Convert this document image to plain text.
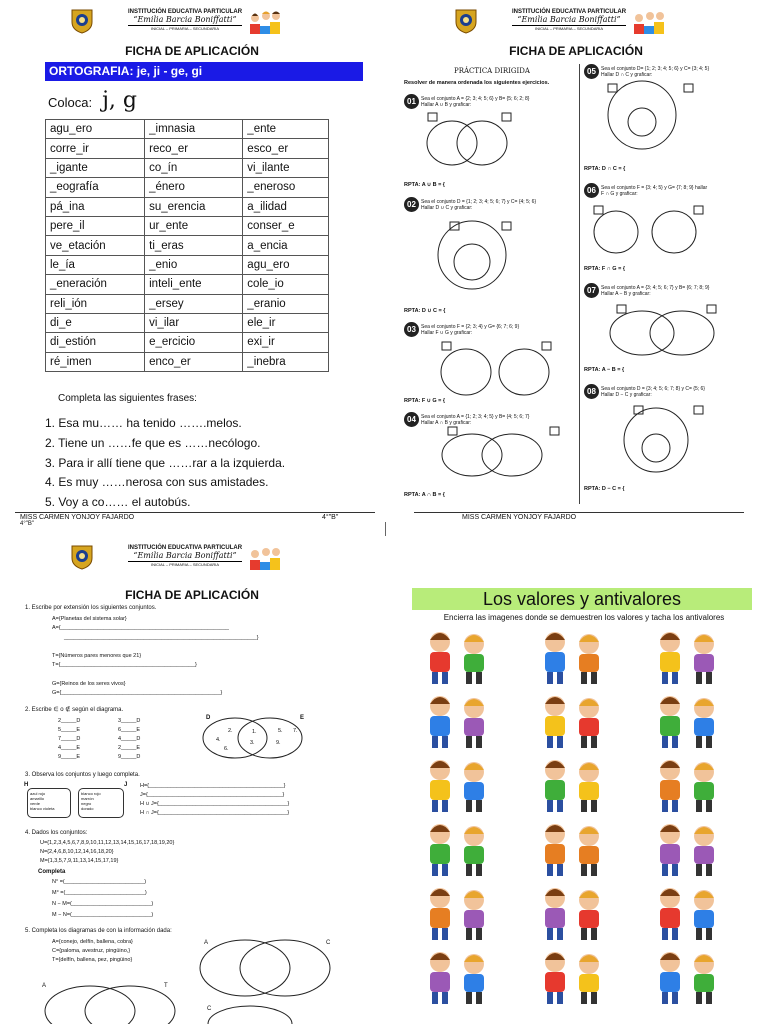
INSTITUCIÓN EDUCATIVA PARTICULAR
“Emilia Barcia Boniffatti”
INICIAL – PRIMARIA – SECUNDARIA
FICHA DE APLICACIÓN
ORTOGRAFIA: je, ji - ge, gi
Coloca: j, g
agu_ero	_imnasia	_ente
corre_ir	reco_er	esco_er
_igante	co_ín	vi_ilante
_eografía	_énero	_eneroso
pá_ina	su_erencia	a_ilidad
pere_il	ur_ente	conser_e
ve_etación	ti_eras	a_encia
le_ía	_enio	agu_ero
_eneración	inteli_ente	cole_io
reli_ión	_ersey	_eranio
di_e	vi_ilar	ele_ir
di_estión	e_ercicio	exi_ir
ré_imen	enco_er	_inebra
Completa las siguientes frases:
1. Esa mu…… ha tenido …….melos.
2. Tiene un ……fe que es ……necólogo.
3. Para ir allí tiene que ……rar a la izquierda.
4. Es muy ……nerosa con sus amistades.
5. Voy a co…… el autobús.
MISS CARMEN YONJOY FAJARDO	4°"B"
4°"B"
INSTITUCIÓN EDUCATIVA PARTICULAR
“Emilia Barcia Boniffatti”
INICIAL – PRIMARIA – SECUNDARIA
FICHA DE APLICACIÓN
PRÁCTICA DIRIGIDA
Resolver de manera ordenada los siguientes ejercicios.
01	Sea el conjunto A = {2; 3; 4; 5; 6} y B= {5; 6; 2; 8}
Hallar A ∪ B y graficar:
RPTA: A ∪ B = {
02	Sea el conjunto D = {1; 2; 3; 4; 5; 6; 7} y C= {4; 5; 6}
Hallar D ∪ C y graficar:
RPTA: D ∪ C = {
03	Sea el conjunto F = {2; 3; 4} y G= {6; 7; 6; 9}
Hallar F ∪ G y graficar:
RPTA: F ∪ G = {
04	Sea el conjunto A = {1; 2; 3; 4; 5} y B= {4; 5; 6; 7}
Hallar A ∩ B y graficar:
RPTA: A ∩ B = {
05	Sea el conjunto D= {1; 2; 3; 4; 5; 6} y C= {3; 4; 5}
Hallar D ∩ C y graficar:
RPTA: D ∩ C = {
06	Sea el conjunto F = {3; 4; 5} y G= {7; 8; 9} hallar
F ∩ G y graficar:
RPTA: F ∩ G = {
07	Sea el conjunto A = {3; 4; 5; 6; 7} y B= {6; 7; 8; 9}
Hallar A − B y graficar:
RPTA: A − B = {
08	Sea el conjunto D = {3; 4; 5; 6; 7; 8} y C= {5; 6}
Hallar D − C y graficar:
RPTA: D − C = {
MISS CARMEN YONJOY FAJARDO
INSTITUCIÓN EDUCATIVA PARTICULAR
“Emilia Barcia Boniffatti”
INICIAL – PRIMARIA – SECUNDARIA
FICHA DE APLICACIÓN
1. Escribe por extensión los siguientes conjuntos.
A={Planetas del sistema solar}
A={_______________________________________________________
_______________________________________________________________}
T={Números pares menores que 21}
T={____________________________________________}
G={Reinos de los seres vivos}
G={____________________________________________________}
2. Escribe ∈ o ∉ según el diagrama.
2_____D
5_____E
7_____D
4_____E
9_____E
3_____D
6_____E
4_____D
2_____E
9_____D
D	E
2.
4.
6.
1.
3.
5. 7.
9.
3. Observa los conjuntos y luego completa.
H	J
azul rojo
amarillo
verde
blanco violeta
blanco rojo
marrón
negro
dorado
H={____________________________________________}
J={____________________________________________}
H ∪ J={__________________________________________}
H ∩ J={__________________________________________}
4. Dados los conjuntos:
U={1,2,3,4,5,6,7,8,9,10,11,12,13,14,15,16,17,18,19,20}
N={2,4,6,8,10,12,14,16,18,20}
M={1,3,5,7,9,11,13,14,15,17,19}
Completa
N° =(__________________________)
M° =(__________________________)
N − M=(__________________________)
M − N=(__________________________)
5. Completa los diagramas de con la información dada:
A={conejo, delfín, ballena, cobra}
C={paloma, avestruz, pingüino,}
T={delfín, ballena, pez, pingüino}
A	C
A	T
C
Los valores y antivalores
Encierra las imagenes donde se demuestren los valores y tacha los antivalores
